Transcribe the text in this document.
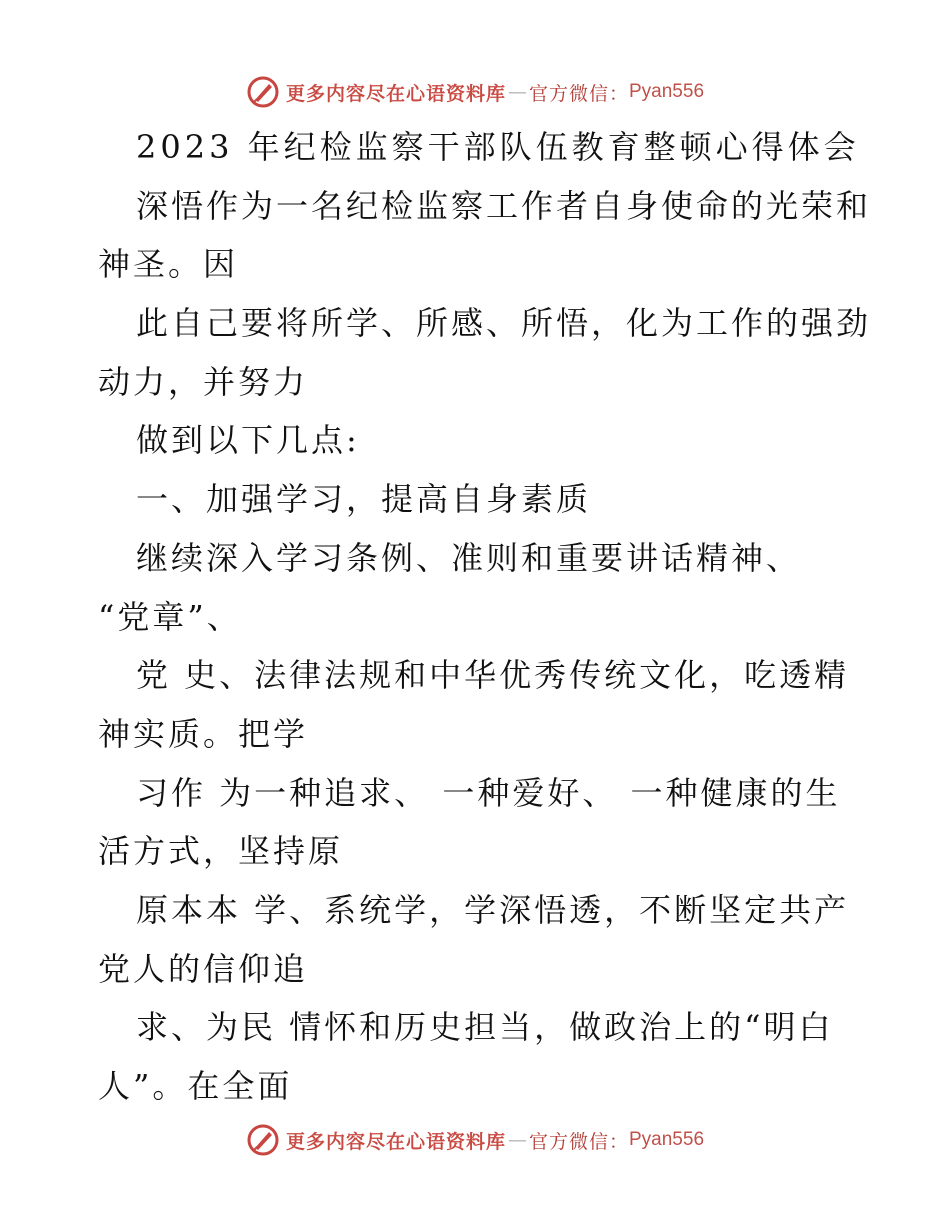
更多内容尽在心语资料库 — 官方微信： Pyan556
2023 年纪检监察干部队伍教育整顿心得体会
深悟作为一名纪检监察工作者自身使命的光荣和
神圣。因
此自己要将所学、所感、所悟，化为工作的强劲
动力，并努力
做到以下几点:
一、加强学习，提高自身素质
继续深入学习条例、准则和重要讲话精神、
“党章”、
党 史、法律法规和中华优秀传统文化，吃透精
神实质。把学
习作 为一种追求、 一种爱好、 一种健康的生
活方式，坚持原
原本本 学、系统学，学深悟透，不断坚定共产
党人的信仰追
求、为民 情怀和历史担当，做政治上的“明白
人”。在全面
更多内容尽在心语资料库 — 官方微信： Pyan556
